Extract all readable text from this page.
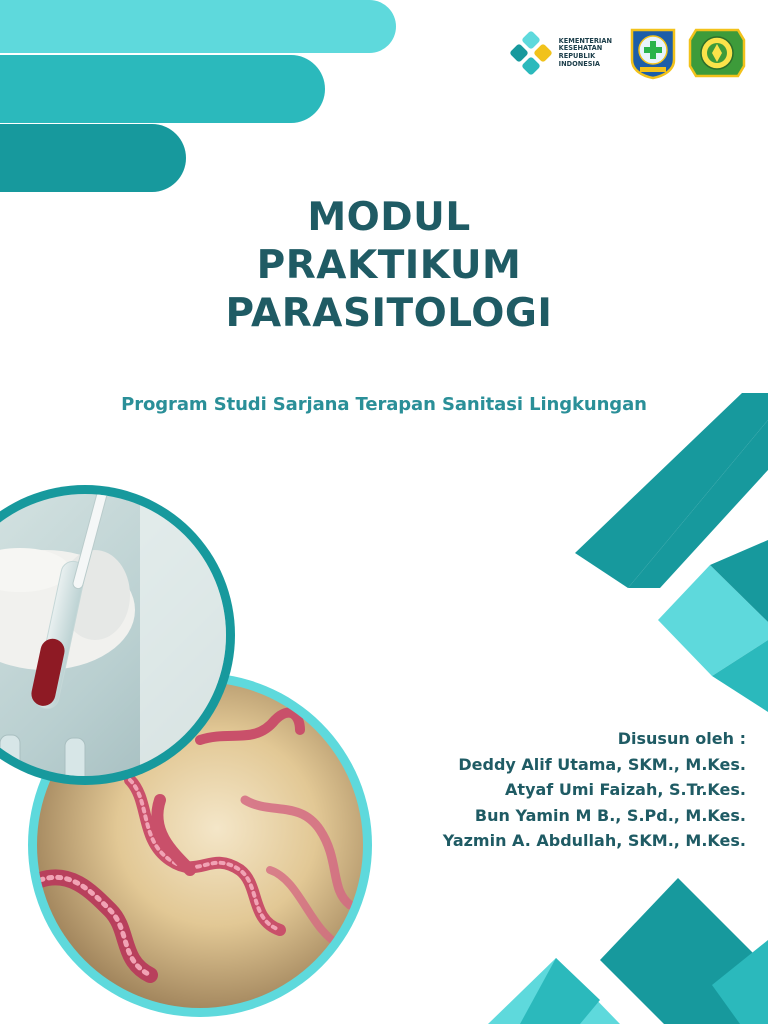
KEMENTERIAN
KESEHATAN
REPUBLIK
INDONESIA
MODUL
PRAKTIKUM
PARASITOLOGI
Program Studi Sarjana Terapan Sanitasi Lingkungan
Disusun oleh :
Deddy Alif Utama, SKM., M.Kes.
Atyaf Umi Faizah, S.Tr.Kes.
Bun Yamin M B., S.Pd., M.Kes.
Yazmin A. Abdullah, SKM., M.Kes.
